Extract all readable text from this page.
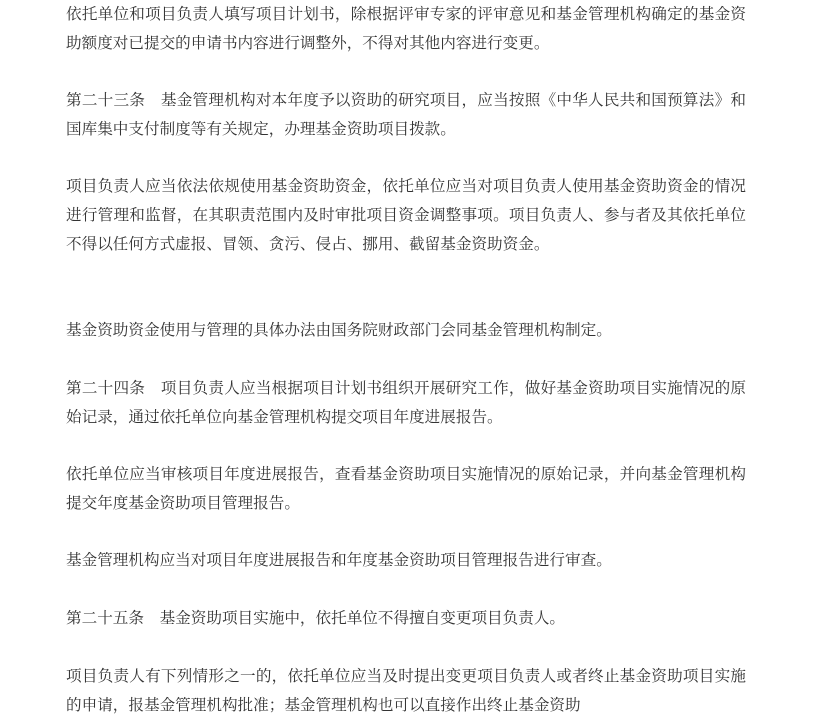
依托单位和项目负责人填写项目计划书，除根据评审专家的评审意见和基金管理机构确定的基金资助额度对已提交的申请书内容进行调整外，不得对其他内容进行变更。

第二十三条　基金管理机构对本年度予以资助的研究项目，应当按照《中华人民共和国预算法》和国库集中支付制度等有关规定，办理基金资助项目拨款。

项目负责人应当依法依规使用基金资助资金，依托单位应当对项目负责人使用基金资助资金的情况进行管理和监督，在其职责范围内及时审批项目资金调整事项。项目负责人、参与者及其依托单位不得以任何方式虚报、冒领、贪污、侵占、挪用、截留基金资助资金。

基金资助资金使用与管理的具体办法由国务院财政部门会同基金管理机构制定。

第二十四条　项目负责人应当根据项目计划书组织开展研究工作，做好基金资助项目实施情况的原始记录，通过依托单位向基金管理机构提交项目年度进展报告。

依托单位应当审核项目年度进展报告，查看基金资助项目实施情况的原始记录，并向基金管理机构提交年度基金资助项目管理报告。

基金管理机构应当对项目年度进展报告和年度基金资助项目管理报告进行审查。

第二十五条　基金资助项目实施中，依托单位不得擅自变更项目负责人。

项目负责人有下列情形之一的，依托单位应当及时提出变更项目负责人或者终止基金资助项目实施的申请，报基金管理机构批准；基金管理机构也可以直接作出终止基金资助
